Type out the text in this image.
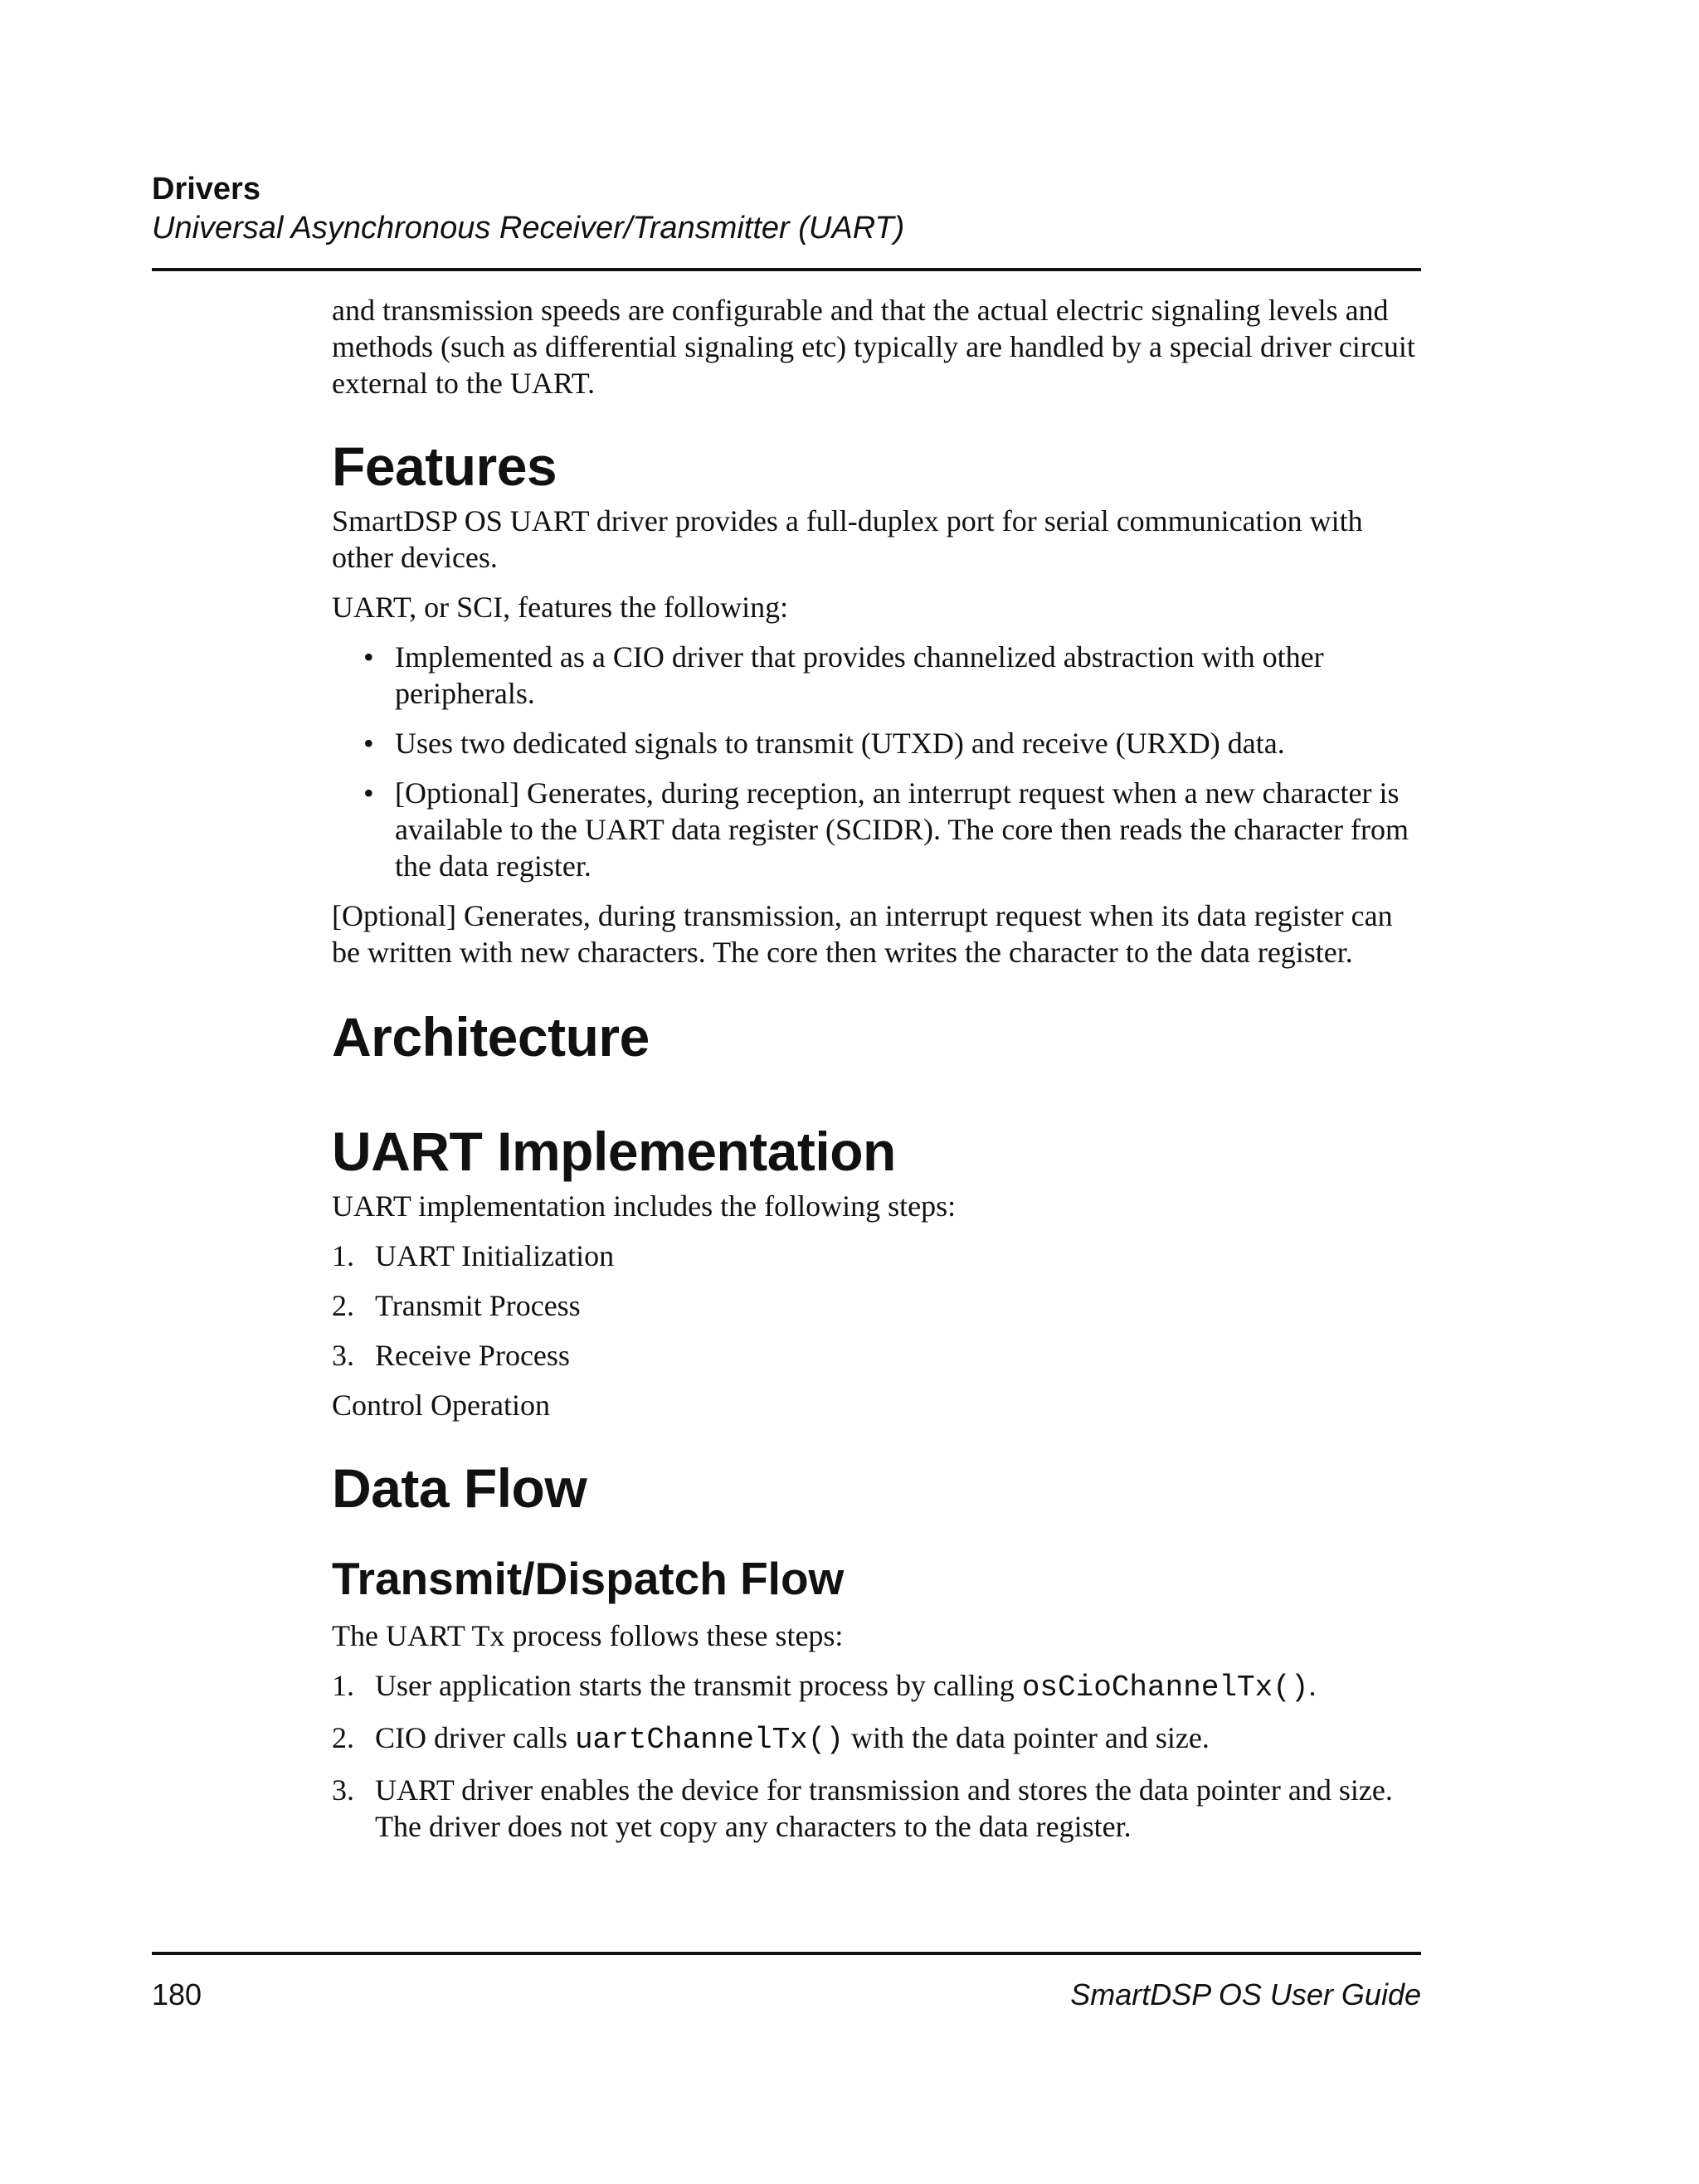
Drivers

Universal Asynchronous Receiver/Transmitter (UART)

and transmission speeds are configurable and that the actual electric signaling levels and methods (such as differential signaling etc) typically are handled by a special driver circuit external to the UART.

Features

SmartDSP OS UART driver provides a full-duplex port for serial communication with other devices.

UART, or SCI, features the following:

• Implemented as a CIO driver that provides channelized abstraction with other peripherals.
• Uses two dedicated signals to transmit (UTXD) and receive (URXD) data.
• [Optional] Generates, during reception, an interrupt request when a new character is available to the UART data register (SCIDR). The core then reads the character from the data register.

[Optional] Generates, during transmission, an interrupt request when its data register can be written with new characters. The core then writes the character to the data register.

Architecture
UART Implementation

UART implementation includes the following steps:

1. UART Initialization
2. Transmit Process
3. Receive Process

Control Operation

Data Flow
Transmit/Dispatch Flow

The UART Tx process follows these steps:

1. User application starts the transmit process by calling osCioChannelTx().
2. CIO driver calls uartChannelTx() with the data pointer and size.
3. UART driver enables the device for transmission and stores the data pointer and size. The driver does not yet copy any characters to the data register.
180	SmartDSP OS User Guide
